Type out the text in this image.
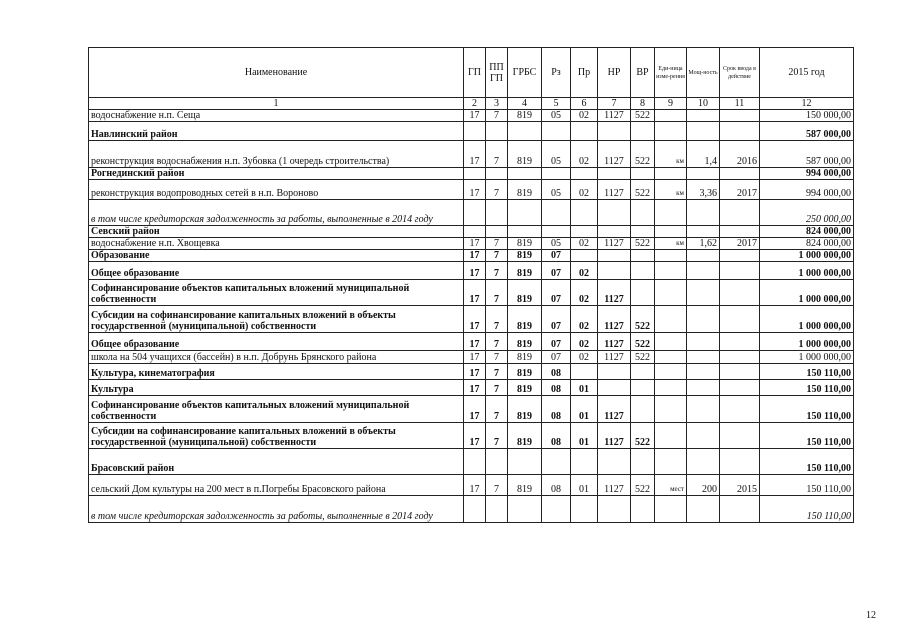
Наименование	ГП	ПП ГП	ГРБС	Рз	Пр	НР	ВР	Еди-ница изме-рения	Мощ-ность	Срок ввода в действие	2015 год
1	2	3	4	5	6	7	8	9	10	11	12
водоснабжение н.п. Сеща	17	7	819	05	02	1127	522				150 000,00
Навлинский район											587 000,00
реконструкция водоснабжения н.п. Зубовка (1 очередь строительства)	17	7	819	05	02	1127	522	км	1,4	2016	587 000,00
Рогнединский район											994 000,00
реконструкция водопроводных сетей в н.п. Вороново	17	7	819	05	02	1127	522	км	3,36	2017	994 000,00
в том числе кредиторская задолженность за работы, выполненные в 2014 году											250 000,00
Севский район											824 000,00
водоснабжение н.п. Хвощевка	17	7	819	05	02	1127	522	км	1,62	2017	824 000,00
Образование	17	7	819	07							1 000 000,00
Общее образование	17	7	819	07	02						1 000 000,00
Софинансирование объектов капитальных вложений муниципальной собственности	17	7	819	07	02	1127					1 000 000,00
Субсидии на софинансирование капитальных вложений в объекты государственной (муниципальной) собственности	17	7	819	07	02	1127	522				1 000 000,00
Общее образование	17	7	819	07	02	1127	522				1 000 000,00
школа на 504 учащихся (бассейн) в н.п. Добрунь Брянского района	17	7	819	07	02	1127	522				1 000 000,00
Культура, кинематография	17	7	819	08							150 110,00
Культура	17	7	819	08	01						150 110,00
Софинансирование объектов капитальных вложений муниципальной собственности	17	7	819	08	01	1127					150 110,00
Субсидии на софинансирование капитальных вложений в объекты государственной (муниципальной) собственности	17	7	819	08	01	1127	522				150 110,00
Брасовский район											150 110,00
сельский Дом культуры на 200 мест в п.Погребы Брасовского района	17	7	819	08	01	1127	522	мест	200	2015	150 110,00
в том числе кредиторская задолженность за работы, выполненные в 2014 году											150 110,00
12
